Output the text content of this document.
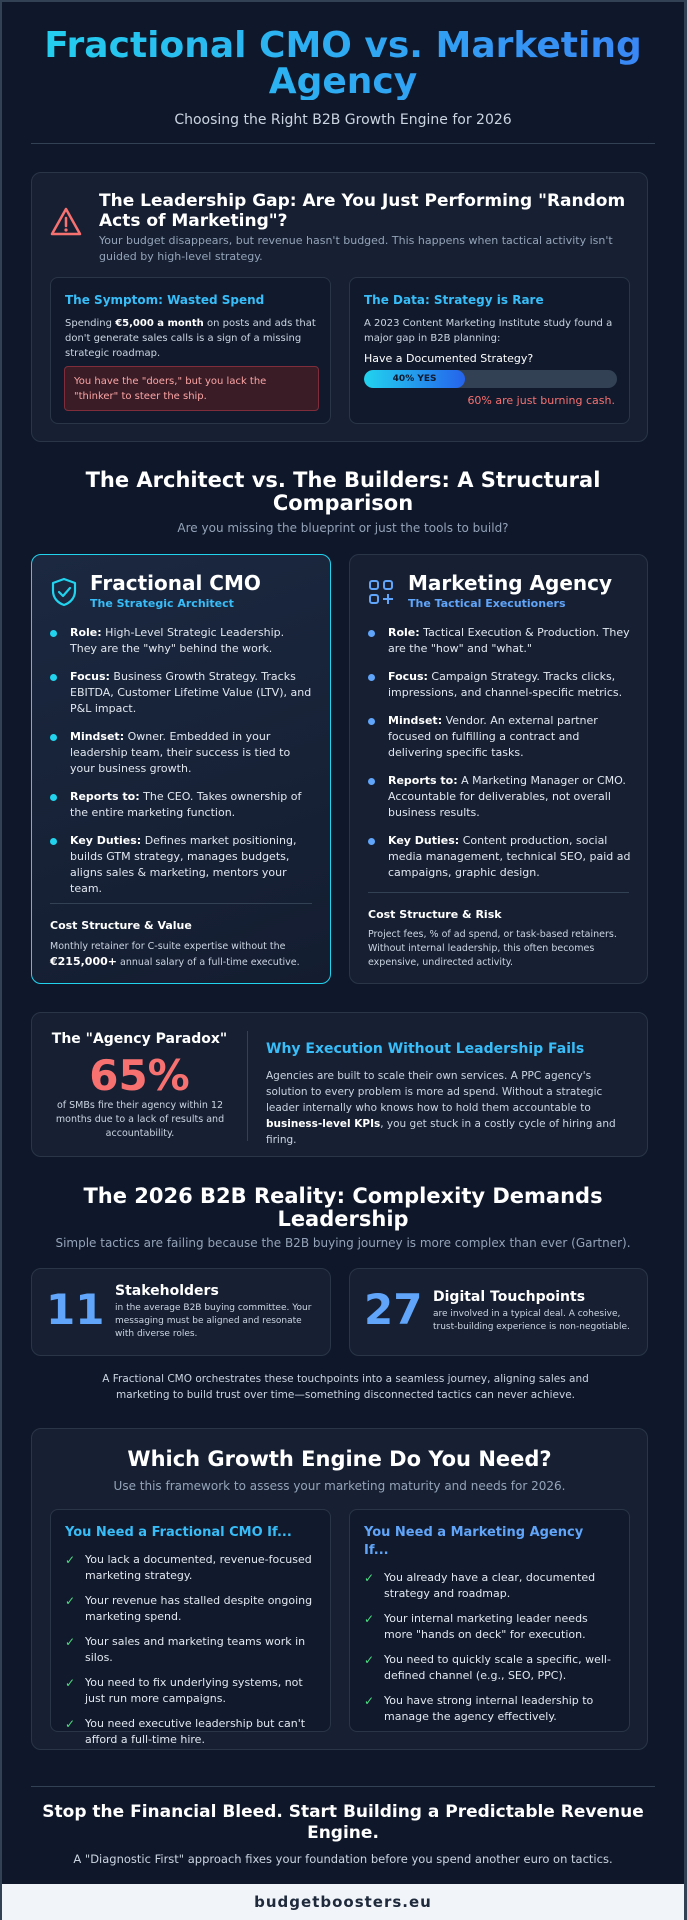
Fractional CMO vs. Marketing Agency
Choosing the Right B2B Growth Engine for 2026
The Leadership Gap: Are You Just Performing "Random Acts of Marketing"?
Your budget disappears, but revenue hasn't budged. This happens when tactical activity isn't guided by high-level strategy.
The Symptom: Wasted Spend
Spending €5,000 a month on posts and ads that don't generate sales calls is a sign of a missing strategic roadmap.
You have the "doers," but you lack the "thinker" to steer the ship.
The Data: Strategy is Rare
A 2023 Content Marketing Institute study found a major gap in B2B planning:
Have a Documented Strategy?
40% YES
60% are just burning cash.
The Architect vs. The Builders: A Structural Comparison
Are you missing the blueprint or just the tools to build?
Fractional CMO
The Strategic Architect
Role: High-Level Strategic Leadership. They are the "why" behind the work.
Focus: Business Growth Strategy. Tracks EBITDA, Customer Lifetime Value (LTV), and P&L impact.
Mindset: Owner. Embedded in your leadership team, their success is tied to your business growth.
Reports to: The CEO. Takes ownership of the entire marketing function.
Key Duties: Defines market positioning, builds GTM strategy, manages budgets, aligns sales & marketing, mentors your team.
Cost Structure & Value
Monthly retainer for C-suite expertise without the €215,000+ annual salary of a full-time executive.
Marketing Agency
The Tactical Executioners
Role: Tactical Execution & Production. They are the "how" and "what."
Focus: Campaign Strategy. Tracks clicks, impressions, and channel-specific metrics.
Mindset: Vendor. An external partner focused on fulfilling a contract and delivering specific tasks.
Reports to: A Marketing Manager or CMO. Accountable for deliverables, not overall business results.
Key Duties: Content production, social media management, technical SEO, paid ad campaigns, graphic design.
Cost Structure & Risk
Project fees, % of ad spend, or task-based retainers. Without internal leadership, this often becomes expensive, undirected activity.
The "Agency Paradox"
65%
of SMBs fire their agency within 12 months due to a lack of results and accountability.
Why Execution Without Leadership Fails
Agencies are built to scale their own services. A PPC agency's solution to every problem is more ad spend. Without a strategic leader internally who knows how to hold them accountable to business-level KPIs, you get stuck in a costly cycle of hiring and firing.
The 2026 B2B Reality: Complexity Demands Leadership
Simple tactics are failing because the B2B buying journey is more complex than ever (Gartner).
11 Stakeholders
in the average B2B buying committee. Your messaging must be aligned and resonate with diverse roles.	27 Digital Touchpoints
are involved in a typical deal. A cohesive, trust-building experience is non-negotiable.
A Fractional CMO orchestrates these touchpoints into a seamless journey, aligning sales and marketing to build trust over time—something disconnected tactics can never achieve.
Which Growth Engine Do You Need?
Use this framework to assess your marketing maturity and needs for 2026.
You Need a Fractional CMO If...
✓ You lack a documented, revenue-focused marketing strategy.
✓ Your revenue has stalled despite ongoing marketing spend.
✓ Your sales and marketing teams work in silos.
✓ You need to fix underlying systems, not just run more campaigns.
✓ You need executive leadership but can't afford a full-time hire.
You Need a Marketing Agency If...
✓ You already have a clear, documented strategy and roadmap.
✓ Your internal marketing leader needs more "hands on deck" for execution.
✓ You need to quickly scale a specific, well-defined channel (e.g., SEO, PPC).
✓ You have strong internal leadership to manage the agency effectively.
Stop the Financial Bleed. Start Building a Predictable Revenue Engine.
A "Diagnostic First" approach fixes your foundation before you spend another euro on tactics.
budgetboosters.eu
